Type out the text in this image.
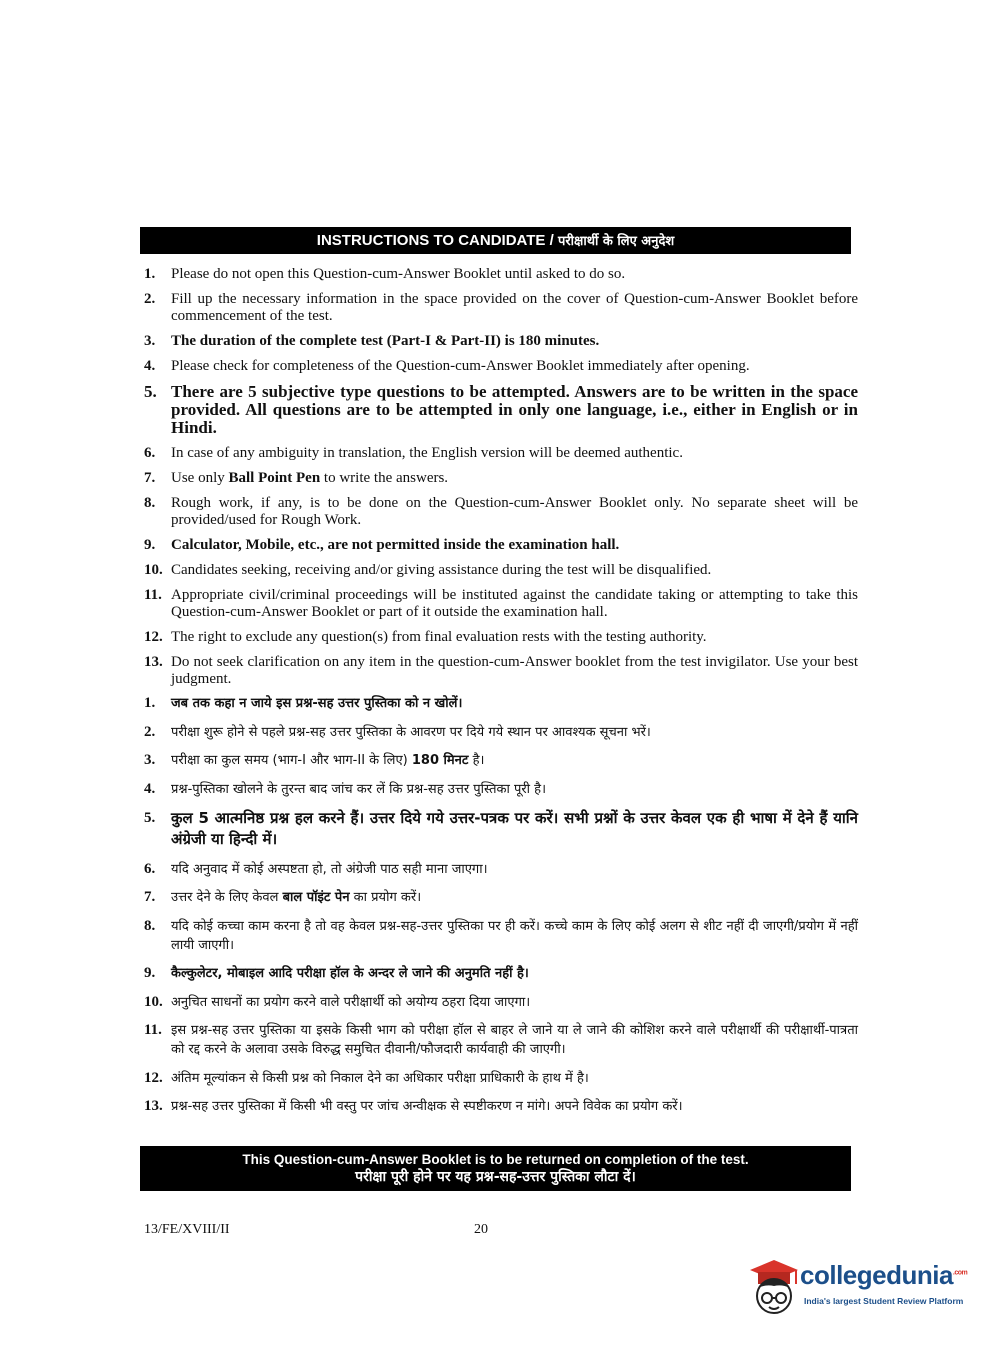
INSTRUCTIONS TO CANDIDATE / परीक्षार्थी के लिए अनुदेश
1.	Please do not open this Question-cum-Answer Booklet until asked to do so.
2.	Fill up the necessary information in the space provided on the cover of Question-cum-Answer Booklet before commencement of the test.
3.	The duration of the complete test (Part-I & Part-II) is 180 minutes.
4.	Please check for completeness of the Question-cum-Answer Booklet immediately after opening.
5. There are 5 subjective type questions to be attempted. Answers are to be written in the space provided. All questions are to be attempted in only one language, i.e., either in English or in Hindi.
6.	In case of any ambiguity in translation, the English version will be deemed authentic.
7.	Use only Ball Point Pen to write the answers.
8.	Rough work, if any, is to be done on the Question-cum-Answer Booklet only. No separate sheet will be provided/used for Rough Work.
9.	Calculator, Mobile, etc., are not permitted inside the examination hall.
10. Candidates seeking, receiving and/or giving assistance during the test will be disqualified.
11. Appropriate civil/criminal proceedings will be instituted against the candidate taking or attempting to take this Question-cum-Answer Booklet or part of it outside the examination hall.
12. The right to exclude any question(s) from final evaluation rests with the testing authority.
13. Do not seek clarification on any item in the question-cum-Answer booklet from the test invigilator. Use your best judgment.
1.	जब तक कहा न जाये इस प्रश्न-सह उत्तर पुस्तिका को न खोलें।
2.	परीक्षा शुरू होने से पहले प्रश्न-सह उत्तर पुस्तिका के आवरण पर दिये गये स्थान पर आवश्यक सूचना भरें।
3.	परीक्षा का कुल समय (भाग-I और भाग-II के लिए) 180 मिनट है।
4.	प्रश्न-पुस्तिका खोलने के तुरन्त बाद जांच कर लें कि प्रश्न-सह उत्तर पुस्तिका पूरी है।
5.	कुल 5 आत्मनिष्ठ प्रश्न हल करने हैं। उत्तर दिये गये उत्तर-पत्रक पर करें। सभी प्रश्नों के उत्तर केवल एक ही भाषा में देने हैं यानि अंग्रेजी या हिन्दी में।
6.	यदि अनुवाद में कोई अस्पष्टता हो, तो अंग्रेजी पाठ सही माना जाएगा।
7.	उत्तर देने के लिए केवल बाल पॉइंट पेन का प्रयोग करें।
8.	यदि कोई कच्चा काम करना है तो वह केवल प्रश्न-सह-उत्तर पुस्तिका पर ही करें। कच्चे काम के लिए कोई अलग से शीट नहीं दी जाएगी/प्रयोग में नहीं लायी जाएगी।
9.	कैल्कुलेटर, मोबाइल आदि परीक्षा हॉल के अन्दर ले जाने की अनुमति नहीं है।
10. अनुचित साधनों का प्रयोग करने वाले परीक्षार्थी को अयोग्य ठहरा दिया जाएगा।
11. इस प्रश्न-सह उत्तर पुस्तिका या इसके किसी भाग को परीक्षा हॉल से बाहर ले जाने या ले जाने की कोशिश करने वाले परीक्षार्थी की परीक्षार्थी-पात्रता को रद्द करने के अलावा उसके विरुद्ध समुचित दीवानी/फौजदारी कार्यवाही की जाएगी।
12. अंतिम मूल्यांकन से किसी प्रश्न को निकाल देने का अधिकार परीक्षा प्राधिकारी के हाथ में है।
13. प्रश्न-सह उत्तर पुस्तिका में किसी भी वस्तु पर जांच अन्वीक्षक से स्पष्टीकरण न मांगे। अपने विवेक का प्रयोग करें।
This Question-cum-Answer Booklet is to be returned on completion of the test.
परीक्षा पूरी होने पर यह प्रश्न-सह-उत्तर पुस्तिका लौटा दें।
13/FE/XVIII/II	20
collegedunia$^{.com}$
India's largest Student Review Platform
